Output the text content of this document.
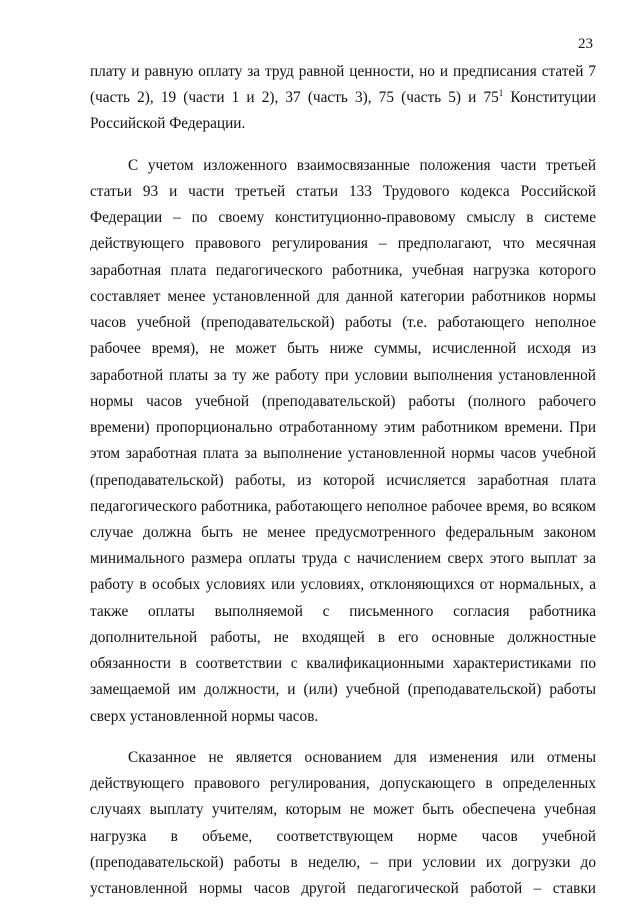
23
плату и равную оплату за труд равной ценности, но и предписания статей 7
(часть 2), 19 (части 1 и 2), 37 (часть 3), 75 (часть 5) и $75^1$ Конституции
Российской Федерации.
С учетом изложенного взаимосвязанные положения части третьей
статьи 93 и части третьей статьи 133 Трудового кодекса Российской
Федерации – по своему конституционно-правовому смыслу в системе
действующего правового регулирования – предполагают, что месячная
заработная плата педагогического работника, учебная нагрузка которого
составляет менее установленной для данной категории работников нормы
часов учебной (преподавательской) работы (т.е. работающего неполное
рабочее время), не может быть ниже суммы, исчисленной исходя из
заработной платы за ту же работу при условии выполнения установленной
нормы часов учебной (преподавательской) работы (полного рабочего
времени) пропорционально отработанному этим работником времени. При
этом заработная плата за выполнение установленной нормы часов учебной
(преподавательской) работы, из которой исчисляется заработная плата
педагогического работника, работающего неполное рабочее время, во всяком
случае должна быть не менее предусмотренного федеральным законом
минимального размера оплаты труда с начислением сверх этого выплат за
работу в особых условиях или условиях, отклоняющихся от нормальных, а
также оплаты выполняемой с письменного согласия работника
дополнительной работы, не входящей в его основные должностные
обязанности в соответствии с квалификационными характеристиками по
замещаемой им должности, и (или) учебной (преподавательской) работы
сверх установленной нормы часов.
Сказанное не является основанием для изменения или отмены
действующего правового регулирования, допускающего в определенных
случаях выплату учителям, которым не может быть обеспечена учебная
нагрузка в объеме, соответствующем норме часов учебной
(преподавательской) работы в неделю, – при условии их догрузки до
установленной нормы часов другой педагогической работой – ставки
